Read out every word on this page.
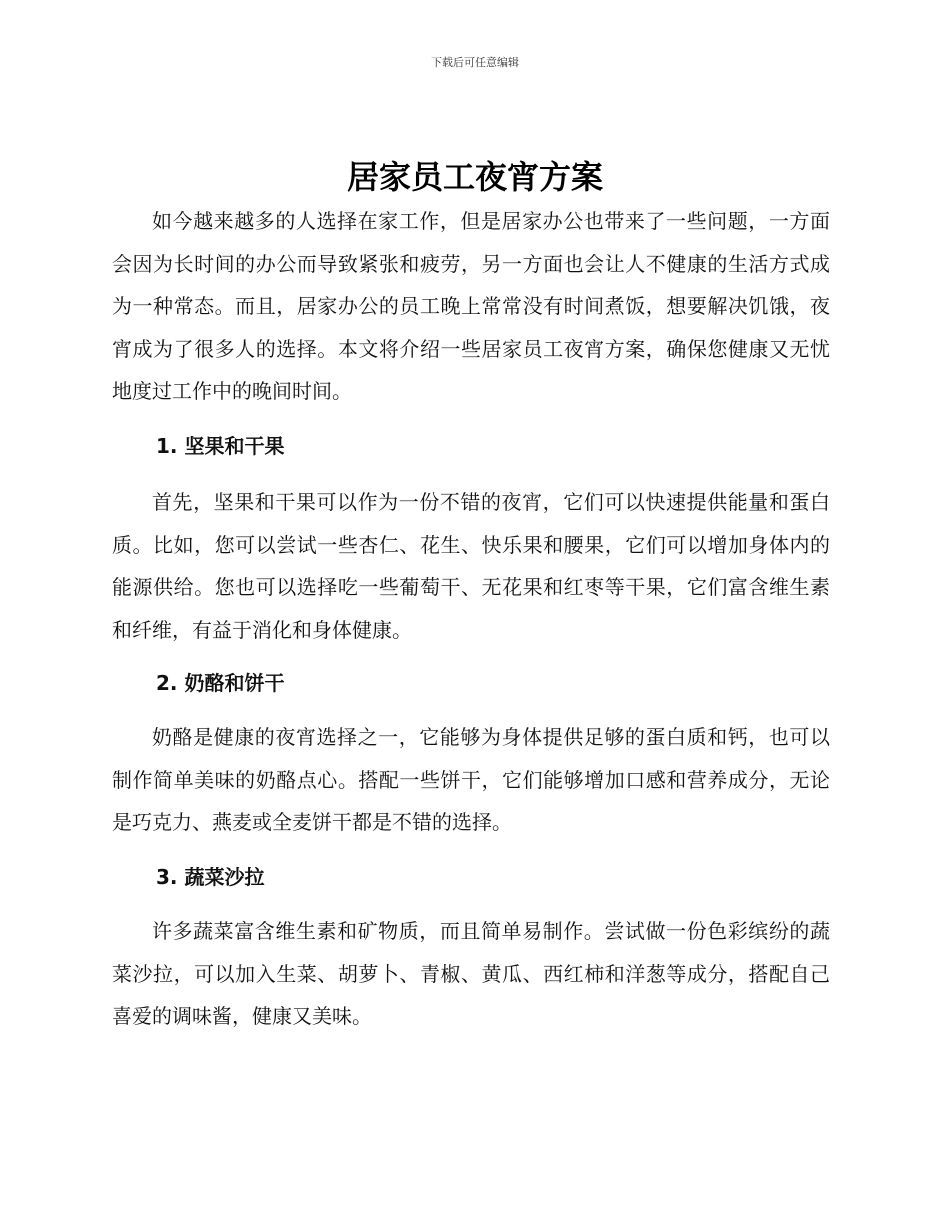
下载后可任意编辑
居家员工夜宵方案

如今越来越多的人选择在家工作，但是居家办公也带来了一些问题，一方面会因为长时间的办公而导致紧张和疲劳，另一方面也会让人不健康的生活方式成为一种常态。而且，居家办公的员工晚上常常没有时间煮饭，想要解决饥饿，夜宵成为了很多人的选择。本文将介绍一些居家员工夜宵方案，确保您健康又无忧地度过工作中的晚间时间。

1. 坚果和干果

首先，坚果和干果可以作为一份不错的夜宵，它们可以快速提供能量和蛋白质。比如，您可以尝试一些杏仁、花生、快乐果和腰果，它们可以增加身体内的能源供给。您也可以选择吃一些葡萄干、无花果和红枣等干果，它们富含维生素和纤维，有益于消化和身体健康。

2. 奶酪和饼干

奶酪是健康的夜宵选择之一，它能够为身体提供足够的蛋白质和钙，也可以制作简单美味的奶酪点心。搭配一些饼干，它们能够增加口感和营养成分，无论是巧克力、燕麦或全麦饼干都是不错的选择。

3. 蔬菜沙拉

许多蔬菜富含维生素和矿物质，而且简单易制作。尝试做一份色彩缤纷的蔬菜沙拉，可以加入生菜、胡萝卜、青椒、黄瓜、西红柿和洋葱等成分，搭配自己喜爱的调味酱，健康又美味。
